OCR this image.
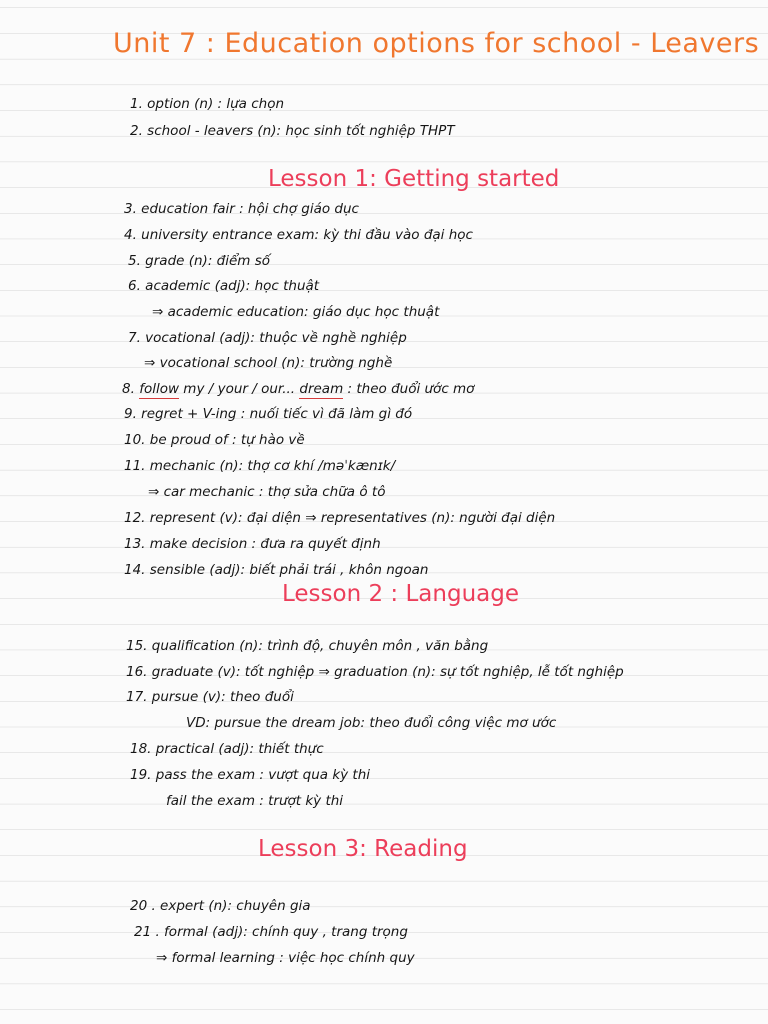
Unit 7 : Education options for school - Leavers
1. option (n) : lựa chọn
2. school - leavers (n): học sinh tốt nghiệp THPT
Lesson 1: Getting started
3. education fair : hội chợ giáo dục
4. university entrance exam: kỳ thi đầu vào đại học
5. grade (n): điểm số
6. academic (adj): học thuật
⇒ academic education: giáo dục học thuật
7. vocational (adj): thuộc về nghề nghiệp
⇒ vocational school (n): trường nghề
8. follow my / your / our... dream : theo đuổi ước mơ
9. regret + V-ing : nuối tiếc vì đã làm gì đó
10. be proud of : tự hào về
11. mechanic (n): thợ cơ khí /məˈkænɪk/
⇒ car mechanic : thợ sửa chữa ô tô
12. represent (v): đại diện ⇒ representatives (n): người đại diện
13. make decision : đưa ra quyết định
14. sensible (adj): biết phải trái , khôn ngoan
Lesson 2 : Language
15. qualification (n): trình độ, chuyên môn , văn bằng
16. graduate (v): tốt nghiệp ⇒ graduation (n): sự tốt nghiệp, lễ tốt nghiệp
17. pursue (v): theo đuổi
VD: pursue the dream job: theo đuổi công việc mơ ước
18. practical (adj): thiết thực
19. pass the exam : vượt qua kỳ thi
fail the exam : trượt kỳ thi
Lesson 3: Reading
20 . expert (n): chuyên gia
21 . formal (adj): chính quy , trang trọng
⇒ formal learning : việc học chính quy
